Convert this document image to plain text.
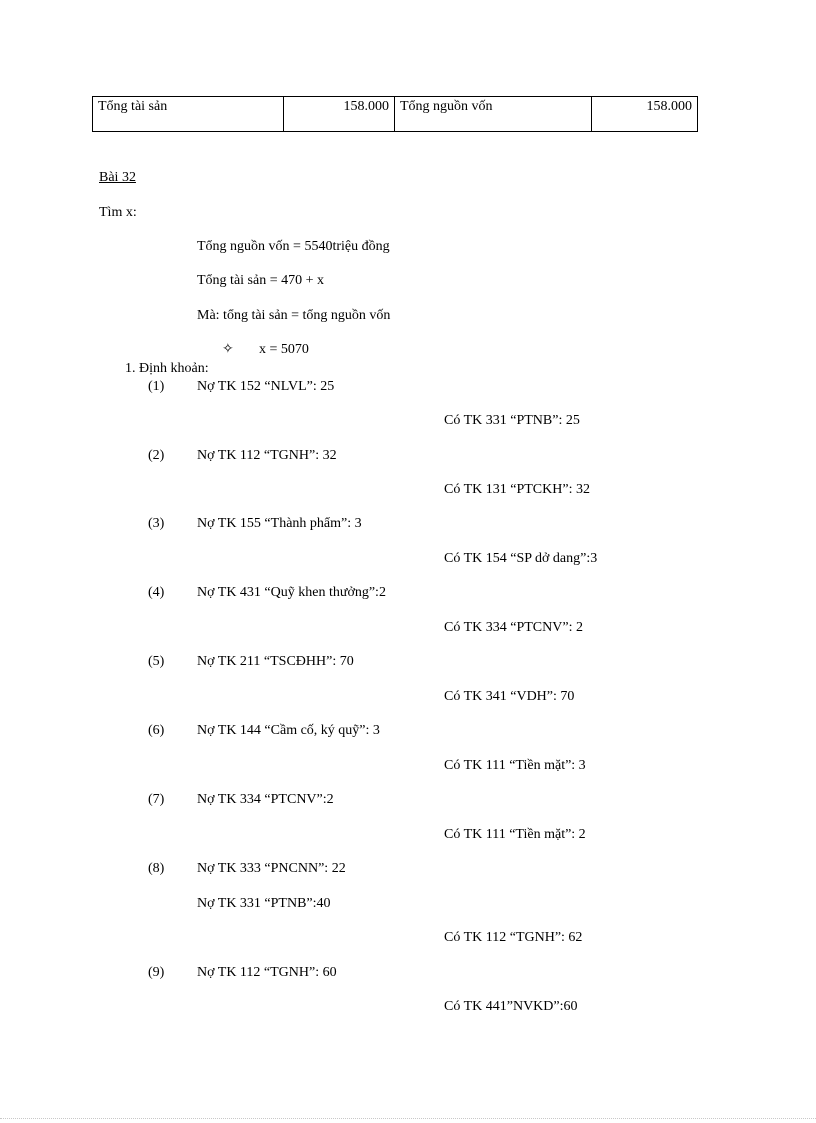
Tổng tài sản	158.000	Tổng nguồn vốn	158.000
Bài 32
Tìm x:
Tổng nguồn vốn = 5540triệu đồng
Tổng tài sản = 470 + x
Mà: tổng tài sản = tổng nguồn vốn
✧ x = 5070
1. Định khoản:
(1) Nợ TK 152 “NLVL”: 25
Có TK 331 “PTNB”: 25
(2) Nợ TK 112 “TGNH”: 32
Có TK 131 “PTCKH”: 32
(3) Nợ TK 155 “Thành phẩm”: 3
Có TK 154 “SP dở dang”:3
(4) Nợ TK 431 “Quỹ khen thưởng”:2
Có TK 334 “PTCNV”: 2
(5) Nợ TK 211 “TSCĐHH”: 70
Có TK 341 “VDH”: 70
(6) Nợ TK 144 “Cầm cố, ký quỹ”: 3
Có TK 111 “Tiền mặt”: 3
(7) Nợ TK 334 “PTCNV”:2
Có TK 111 “Tiền mặt”: 2
(8) Nợ TK 333 “PNCNN”: 22
Nợ TK 331 “PTNB”:40
Có TK 112 “TGNH”: 62
(9) Nợ TK 112 “TGNH”: 60
Có TK 441”NVKD”:60
